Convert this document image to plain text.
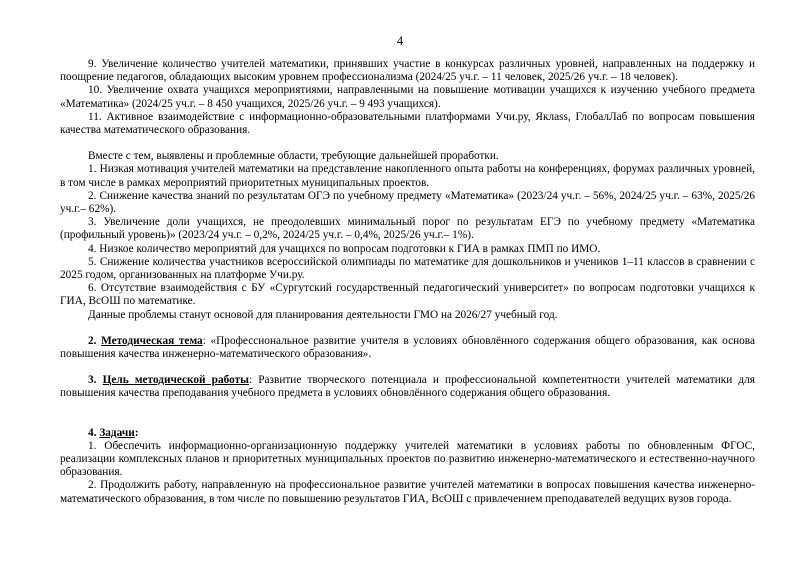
4

9. Увеличение количество учителей математики, принявших участие в конкурсах различных уровней, направленных на поддержку и поощрение педагогов, обладающих высоким уровнем профессионализма (2024/25 уч.г. – 11 человек, 2025/26 уч.г. – 18 человек).

10. Увеличение охвата учащихся мероприятиями, направленными на повышение мотивации учащихся к изучению учебного предмета «Математика» (2024/25 уч.г. – 8 450 учащихся, 2025/26 уч.г. – 9 493 учащихся).

11. Активное взаимодействие с информационно-образовательными платформами Учи.ру, Яклass, ГлобалЛаб по вопросам повышения качества математического образования.

Вместе с тем, выявлены и проблемные области, требующие дальнейшей проработки.

1. Низкая мотивация учителей математики на представление накопленного опыта работы на конференциях, форумах различных уровней, в том числе в рамках мероприятий приоритетных муниципальных проектов.

2. Снижение качества знаний по результатам ОГЭ по учебному предмету «Математика» (2023/24 уч.г. – 56%, 2024/25 уч.г. – 63%, 2025/26 уч.г.– 62%).

3. Увеличение доли учащихся, не преодолевших минимальный порог по результатам ЕГЭ по учебному предмету «Математика (профильный уровень)» (2023/24 уч.г. – 0,2%, 2024/25 уч.г. – 0,4%, 2025/26 уч.г.– 1%).

4. Низкое количество мероприятий для учащихся по вопросам подготовки к ГИА в рамках ПМП по ИМО.

5. Снижение количества участников всероссийской олимпиады по математике для дошкольников и учеников 1–11 классов в сравнении с 2025 годом, организованных на платформе Учи.ру.

6. Отсутствие взаимодействия с БУ «Сургутский государственный педагогический университет» по вопросам подготовки учащихся к ГИА, ВсОШ по математике.

Данные проблемы станут основой для планирования деятельности ГМО на 2026/27 учебный год.

2. Методическая тема: «Профессиональное развитие учителя в условиях обновлённого содержания общего образования, как основа повышения качества инженерно-математического образования».

3. Цель методической работы: Развитие творческого потенциала и профессиональной компетентности учителей математики для повышения качества преподавания учебного предмета в условиях обновлённого содержания общего образования.

4. Задачи:

1. Обеспечить информационно-организационную поддержку учителей математики в условиях работы по обновленным ФГОС, реализации комплексных планов и приоритетных муниципальных проектов по развитию инженерно-математического и естественно-научного образования.

2. Продолжить работу, направленную на профессиональное развитие учителей математики в вопросах повышения качества инженерно-математического образования, в том числе по повышению результатов ГИА, ВсОШ с привлечением преподавателей ведущих вузов города.
